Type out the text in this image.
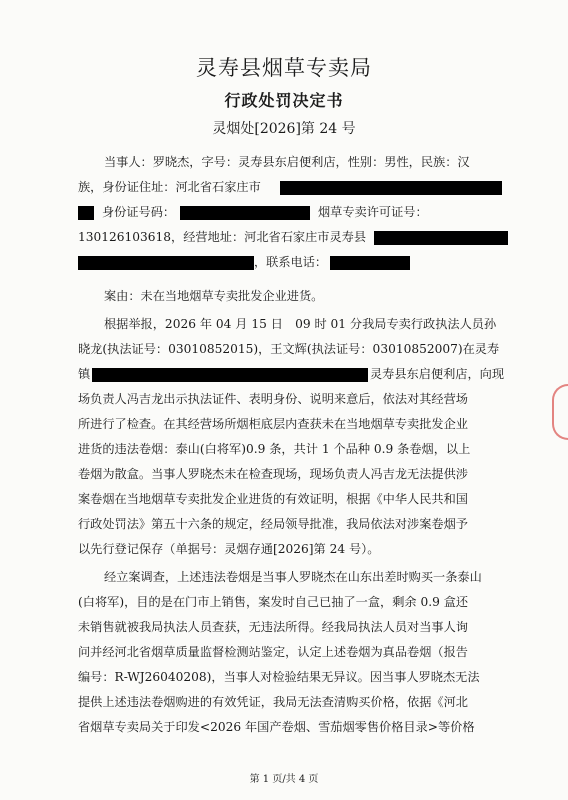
灵寿县烟草专卖局
行政处罚决定书
灵烟处[2026]第 24 号
当事人：罗晓杰，字号：灵寿县东启便利店，性别：男性，民族：汉
族，身份证住址：河北省石家庄市
身份证号码：	烟草专卖许可证号：
130126103618，经营地址：河北省石家庄市灵寿县
，联系电话：
案由：未在当地烟草专卖批发企业进货。
根据举报，2026 年 04 月 15 日　09 时 01 分我局专卖行政执法人员孙
晓龙(执法证号：03010852015)，王文辉(执法证号：03010852007)在灵寿
镇	灵寿县东启便利店，向现
场负责人冯吉龙出示执法证件、表明身份、说明来意后，依法对其经营场
所进行了检查。在其经营场所烟柜底层内查获未在当地烟草专卖批发企业
进货的违法卷烟：泰山(白将军)0.9 条，共计 1 个品种 0.9 条卷烟，以上
卷烟为散盒。当事人罗晓杰未在检查现场，现场负责人冯吉龙无法提供涉
案卷烟在当地烟草专卖批发企业进货的有效证明，根据《中华人民共和国
行政处罚法》第五十六条的规定，经局领导批准，我局依法对涉案卷烟予
以先行登记保存（单据号：灵烟存通[2026]第 24 号）。
经立案调查，上述违法卷烟是当事人罗晓杰在山东出差时购买一条泰山
(白将军)，目的是在门市上销售，案发时自己已抽了一盒，剩余 0.9 盒还
未销售就被我局执法人员查获，无违法所得。经我局执法人员对当事人询
问并经河北省烟草质量监督检测站鉴定，认定上述卷烟为真品卷烟（报告
编号：R-WJ26040208)，当事人对检验结果无异议。因当事人罗晓杰无法
提供上述违法卷烟购进的有效凭证，我局无法查清购买价格，依据《河北
省烟草专卖局关于印发<2026 年国产卷烟、雪茄烟零售价格目录>等价格
第 1 页/共 4 页
